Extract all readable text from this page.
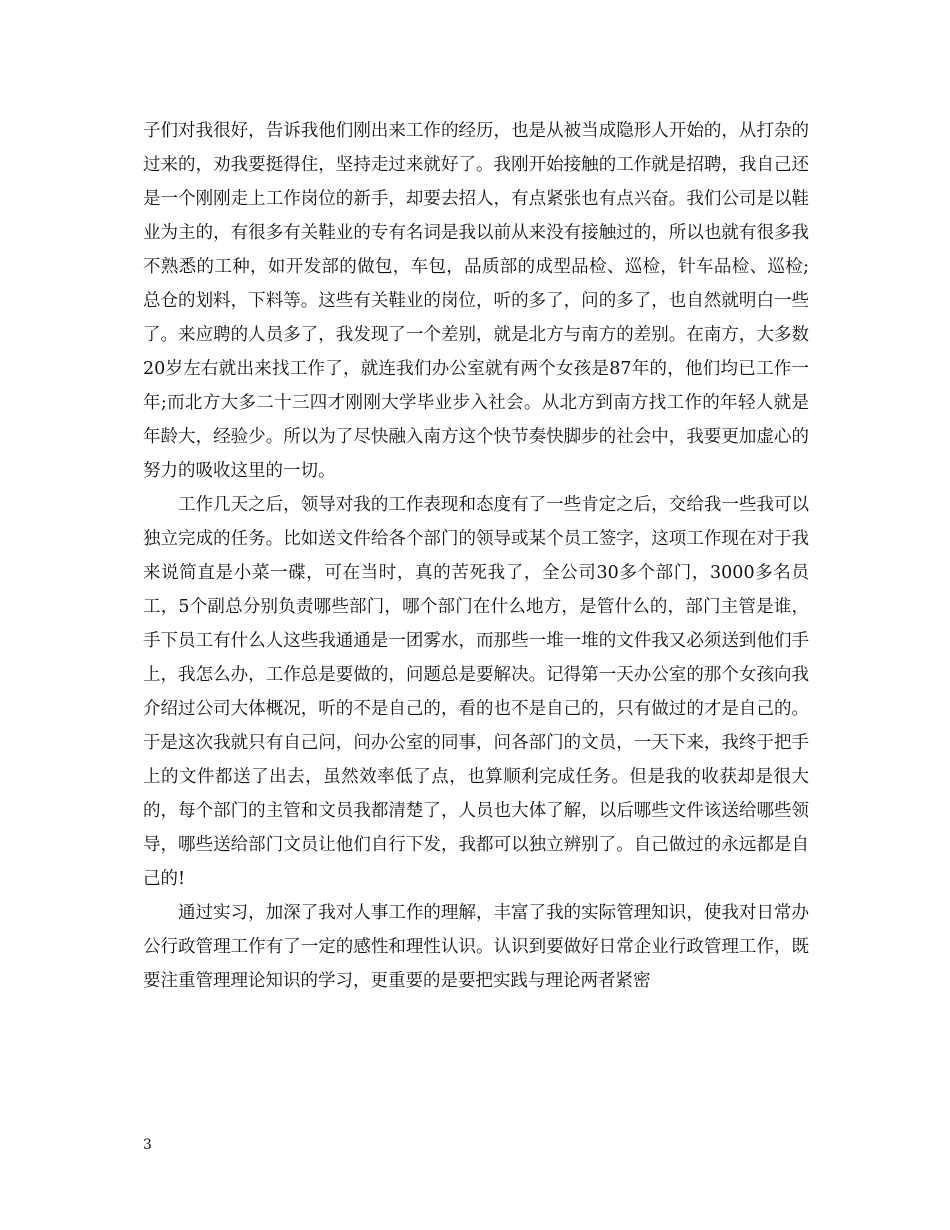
子们对我很好，告诉我他们刚出来工作的经历，也是从被当成隐形人开始的，从打杂的过来的，劝我要挺得住，坚持走过来就好了。我刚开始接触的工作就是招聘，我自己还是一个刚刚走上工作岗位的新手，却要去招人，有点紧张也有点兴奋。我们公司是以鞋业为主的，有很多有关鞋业的专有名词是我以前从来没有接触过的，所以也就有很多我不熟悉的工种，如开发部的做包，车包，品质部的成型品检、巡检，针车品检、巡检;总仓的划料，下料等。这些有关鞋业的岗位，听的多了，问的多了，也自然就明白一些了。来应聘的人员多了，我发现了一个差别，就是北方与南方的差别。在南方，大多数20岁左右就出来找工作了，就连我们办公室就有两个女孩是87年的，他们均已工作一年;而北方大多二十三四才刚刚大学毕业步入社会。从北方到南方找工作的年轻人就是年龄大，经验少。所以为了尽快融入南方这个快节奏快脚步的社会中，我要更加虚心的努力的吸收这里的一切。

工作几天之后，领导对我的工作表现和态度有了一些肯定之后，交给我一些我可以独立完成的任务。比如送文件给各个部门的领导或某个员工签字，这项工作现在对于我来说简直是小菜一碟，可在当时，真的苦死我了，全公司30多个部门，3000多名员工，5个副总分别负责哪些部门，哪个部门在什么地方，是管什么的，部门主管是谁，手下员工有什么人这些我通通是一团雾水，而那些一堆一堆的文件我又必须送到他们手上，我怎么办，工作总是要做的，问题总是要解决。记得第一天办公室的那个女孩向我介绍过公司大体概况，听的不是自己的，看的也不是自己的，只有做过的才是自己的。于是这次我就只有自己问，问办公室的同事，问各部门的文员，一天下来，我终于把手上的文件都送了出去，虽然效率低了点，也算顺利完成任务。但是我的收获却是很大的，每个部门的主管和文员我都清楚了，人员也大体了解，以后哪些文件该送给哪些领导，哪些送给部门文员让他们自行下发，我都可以独立辨别了。自己做过的永远都是自己的!

通过实习，加深了我对人事工作的理解，丰富了我的实际管理知识，使我对日常办公行政管理工作有了一定的感性和理性认识。认识到要做好日常企业行政管理工作，既要注重管理理论知识的学习，更重要的是要把实践与理论两者紧密

3
